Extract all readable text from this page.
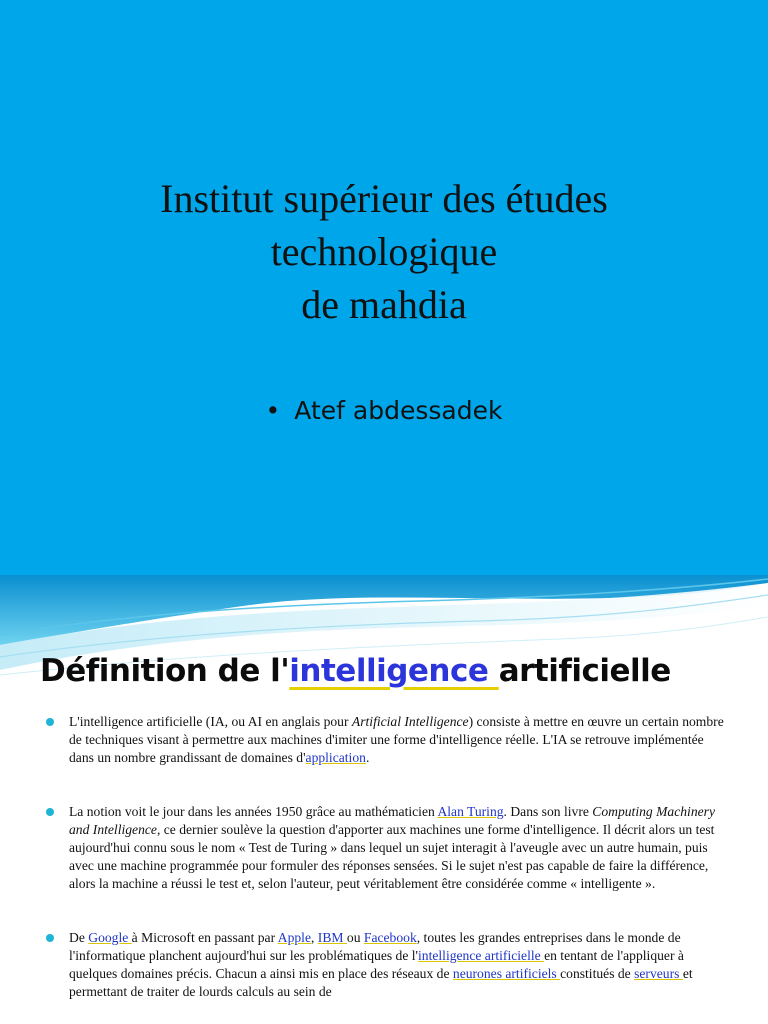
Institut supérieur des études
technologique
de mahdia
• Atef abdessadek
Définition de l'intelligence artificielle
L'intelligence artificielle (IA, ou AI en anglais pour Artificial Intelligence) consiste à mettre en œuvre un certain nombre de techniques visant à permettre aux machines d'imiter une forme d'intelligence réelle. L'IA se retrouve implémentée dans un nombre grandissant de domaines d'application.
La notion voit le jour dans les années 1950 grâce au mathématicien Alan Turing. Dans son livre Computing Machinery and Intelligence, ce dernier soulève la question d'apporter aux machines une forme d'intelligence. Il décrit alors un test aujourd'hui connu sous le nom « Test de Turing » dans lequel un sujet interagit à l'aveugle avec un autre humain, puis avec une machine programmée pour formuler des réponses sensées. Si le sujet n'est pas capable de faire la différence, alors la machine a réussi le test et, selon l'auteur, peut véritablement être considérée comme « intelligente ».
De Google à Microsoft en passant par Apple, IBM ou Facebook, toutes les grandes entreprises dans le monde de l'informatique planchent aujourd'hui sur les problématiques de l'intelligence artificielle en tentant de l'appliquer à quelques domaines précis. Chacun a ainsi mis en place des réseaux de neurones artificiels constitués de serveurs et permettant de traiter de lourds calculs au sein de
